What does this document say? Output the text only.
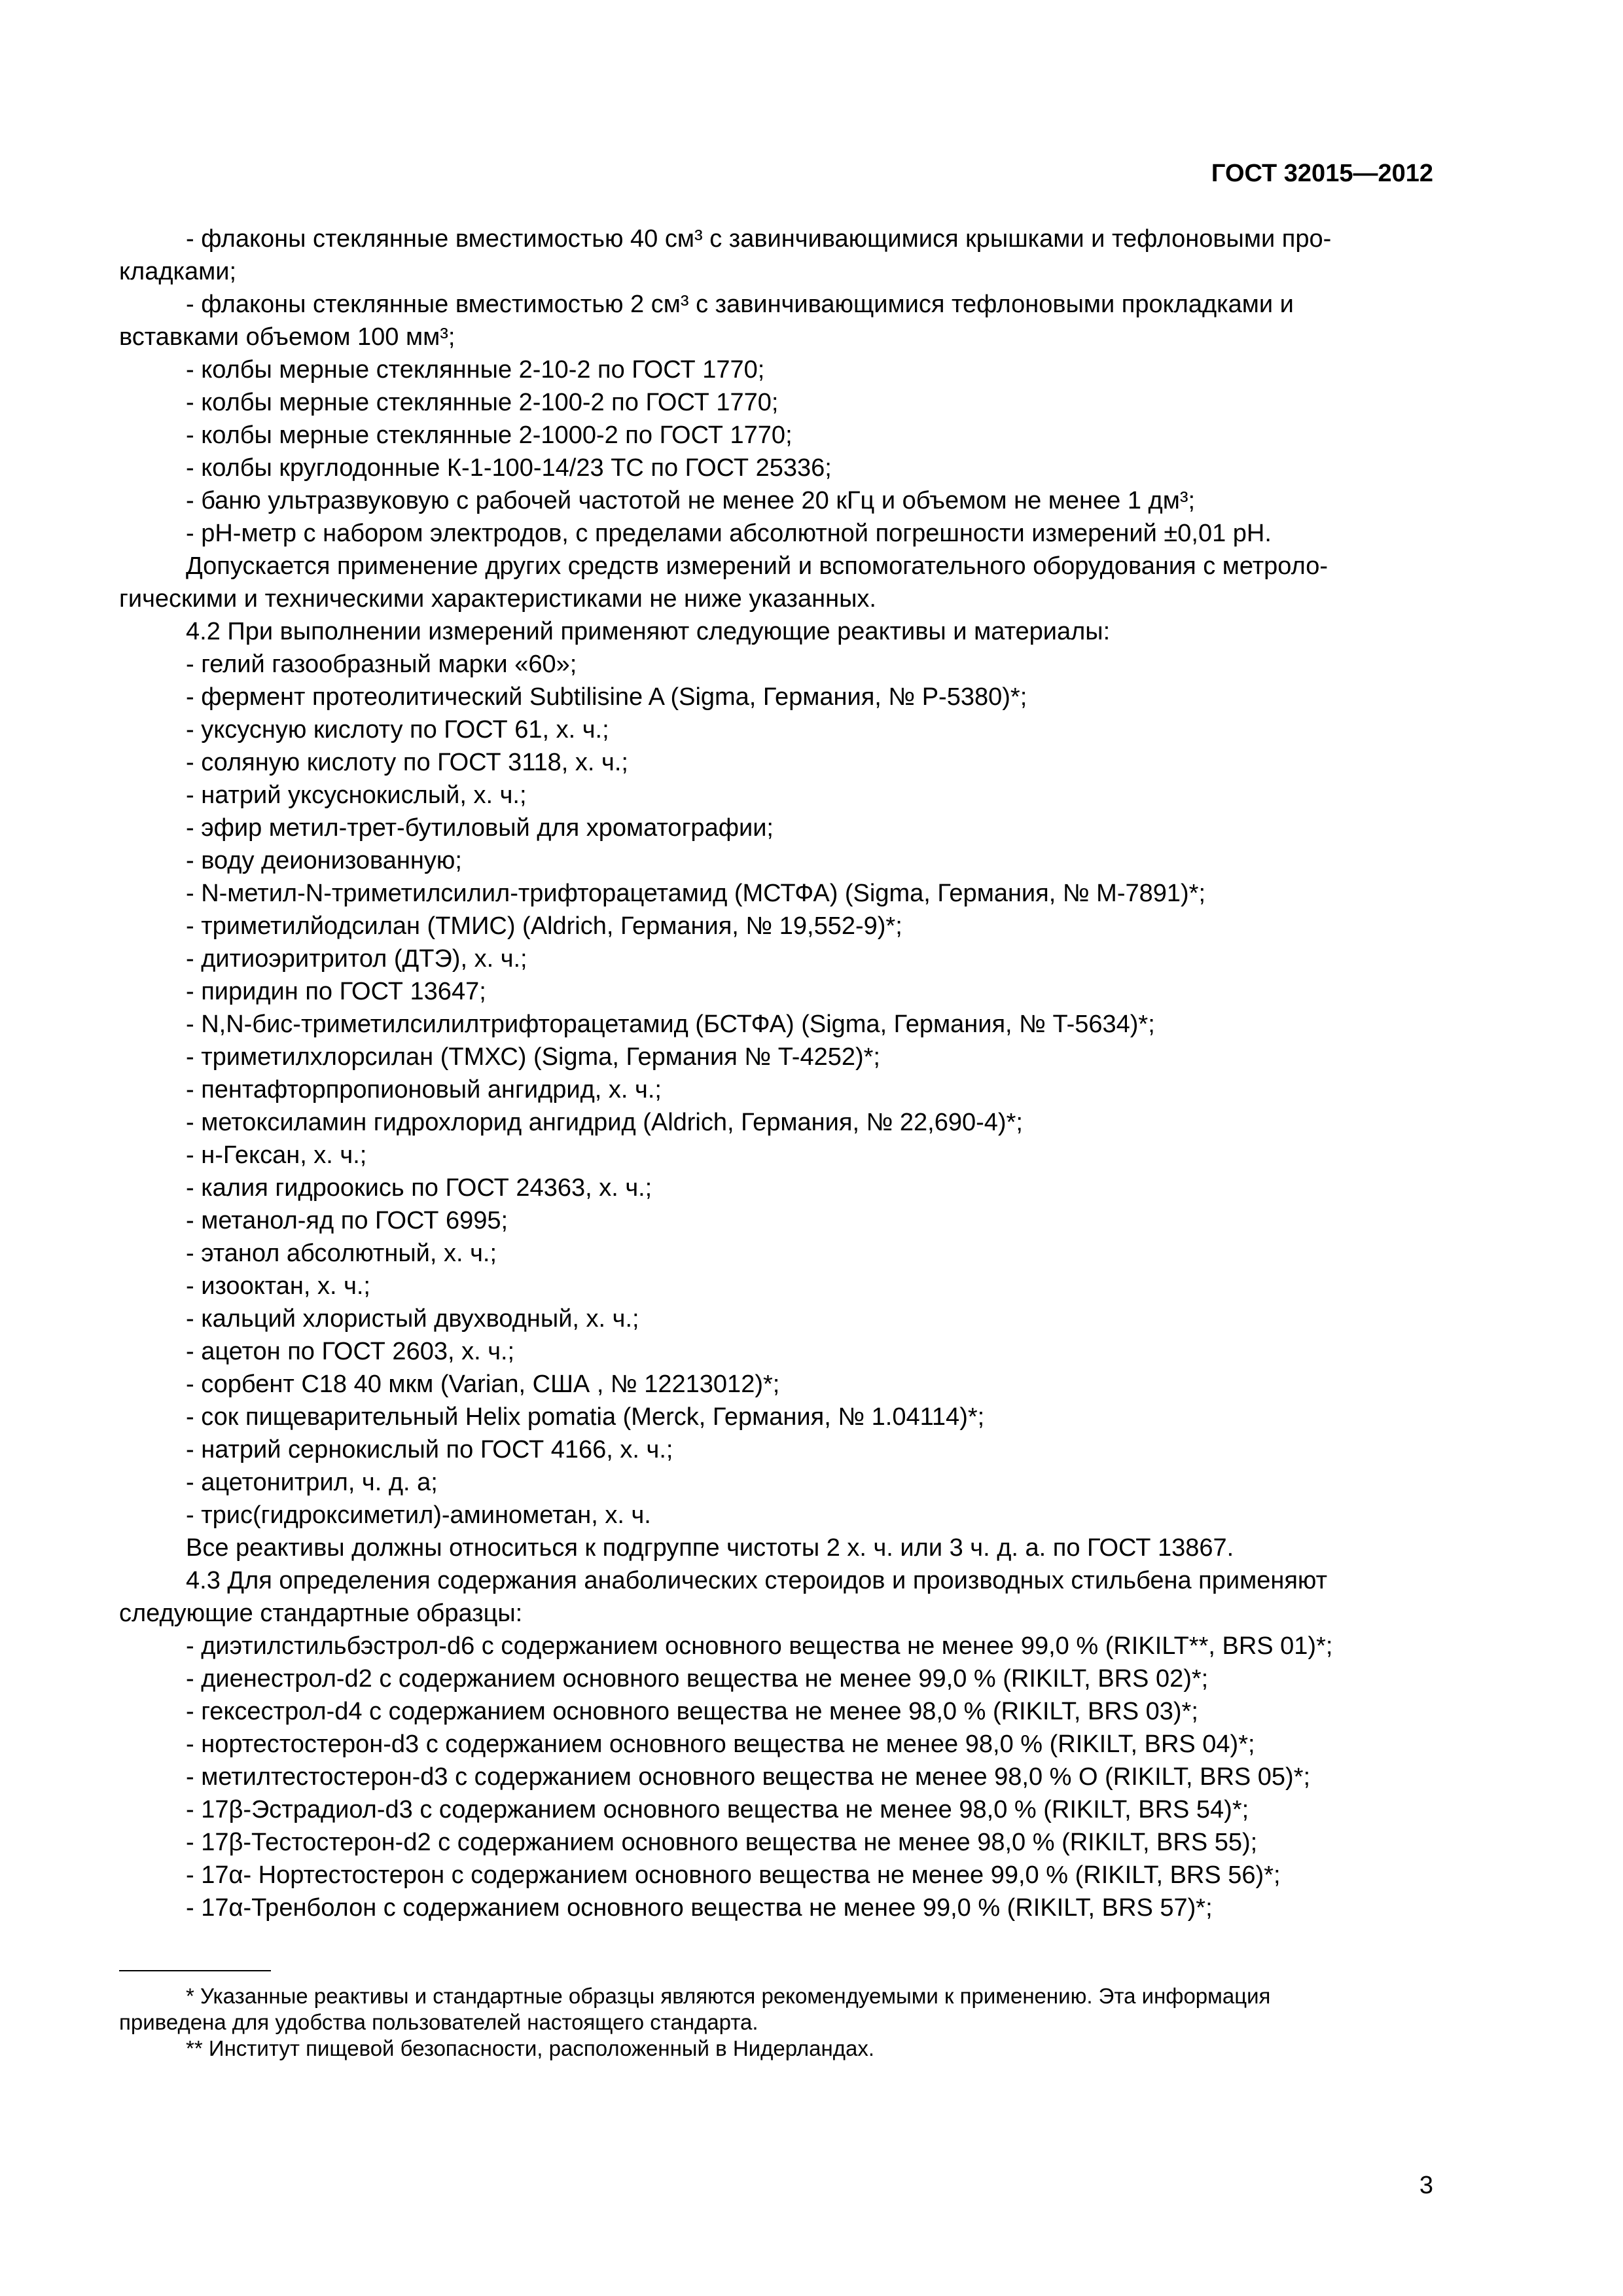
ГОСТ 32015—2012

- флаконы стеклянные вместимостью 40 см³ с завинчивающимися крышками и тефлоновыми про-

кладками;

- флаконы стеклянные вместимостью 2 см³ с завинчивающимися тефлоновыми прокладками и

вставками объемом 100 мм³;

- колбы мерные стеклянные 2-10-2 по ГОСТ 1770;

- колбы мерные стеклянные 2-100-2 по ГОСТ 1770;

- колбы мерные стеклянные 2-1000-2 по ГОСТ 1770;

- колбы круглодонные К-1-100-14/23 ТС по ГОСТ 25336;

- баню ультразвуковую с рабочей частотой не менее 20 кГц и объемом не менее 1 дм³;

- рН-метр с набором электродов, с пределами абсолютной погрешности измерений ±0,01 рН.

Допускается применение других средств измерений и вспомогательного оборудования с метроло-

гическими и техническими характеристиками не ниже указанных.

4.2 При выполнении измерений применяют следующие реактивы и материалы:

- гелий газообразный марки «60»;

- фермент протеолитический Subtilisine A (Sigma, Германия, № P-5380)*;

- уксусную кислоту по ГОСТ 61, х. ч.;

- соляную кислоту по ГОСТ 3118, х. ч.;

- натрий уксуснокислый, х. ч.;

- эфир метил-трет-бутиловый для хроматографии;

- воду деионизованную;

- N-метил-N-триметилсилил-трифторацетамид (МСТФА) (Sigma, Германия, № M-7891)*;

- триметилйодсилан (ТМИС) (Aldrich, Германия, № 19,552-9)*;

- дитиоэритритол (ДТЭ), х. ч.;

- пиридин по ГОСТ 13647;

- N,N-бис-триметилсилилтрифторацетамид (БСТФА) (Sigma, Германия, № T-5634)*;

- триметилхлорсилан (ТМХС) (Sigma, Германия № T-4252)*;

- пентафторпропионовый ангидрид, х. ч.;

- метоксиламин гидрохлорид ангидрид (Aldrich, Германия, № 22,690-4)*;

- н-Гексан, х. ч.;

- калия гидроокись по ГОСТ 24363, х. ч.;

- метанол-яд по ГОСТ 6995;

- этанол абсолютный, х. ч.;

- изооктан, х. ч.;

- кальций хлористый двухводный, х. ч.;

- ацетон по ГОСТ 2603, х. ч.;

- сорбент C18 40 мкм (Varian, США , № 12213012)*;

- сок пищеварительный Helix pomatia (Merck, Германия, № 1.04114)*;

- натрий сернокислый по ГОСТ 4166, х. ч.;

- ацетонитрил, ч. д. а;

- трис(гидроксиметил)-аминометан, х. ч.

Все реактивы должны относиться к подгруппе чистоты 2 х. ч. или 3 ч. д. а. по ГОСТ 13867.

4.3 Для определения содержания анаболических стероидов и производных стильбена применяют

следующие стандартные образцы:

- диэтилстильбэстрол-d6 с содержанием основного вещества не менее 99,0 % (RIKILT**, BRS 01)*;

- диенестрол-d2 с содержанием основного вещества не менее 99,0 % (RIKILT, BRS 02)*;

- гексестрол-d4 с содержанием основного вещества не менее 98,0 % (RIKILT, BRS 03)*;

- нортестостерон-d3 с содержанием основного вещества не менее 98,0 % (RIKILT, BRS 04)*;

- метилтестостерон-d3 с содержанием основного вещества не менее 98,0 % О (RIKILT, BRS 05)*;

- 17β-Эстрадиол-d3 с содержанием основного вещества не менее 98,0 % (RIKILT, BRS 54)*;

- 17β-Тестостерон-d2 с содержанием основного вещества не менее 98,0 % (RIKILT, BRS 55);

- 17α- Нортестостерон с содержанием основного вещества не менее 99,0 % (RIKILT, BRS 56)*;

- 17α-Тренболон с содержанием основного вещества не менее 99,0 % (RIKILT, BRS 57)*;

* Указанные реактивы и стандартные образцы являются рекомендуемыми к применению. Эта информация

приведена для удобства пользователей настоящего стандарта.

** Институт пищевой безопасности, расположенный в Нидерландах.

3
